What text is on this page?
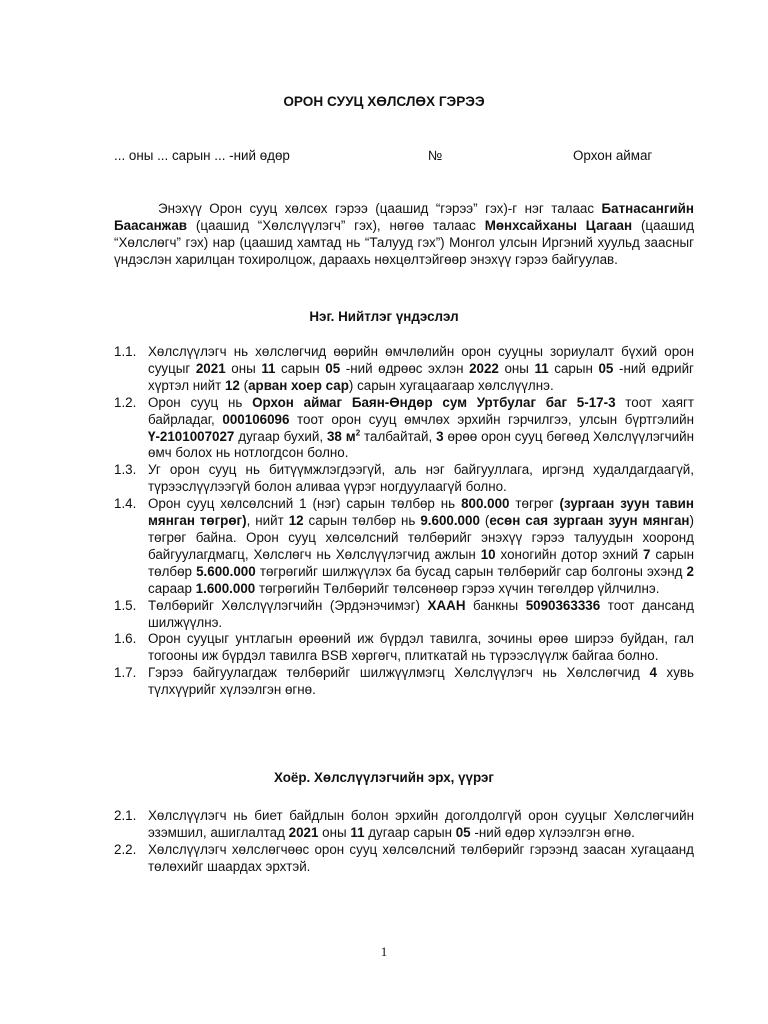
ОРОН СУУЦ ХӨЛСЛӨХ ГЭРЭЭ
... оны ... сарын ... -ний өдөр	№	Орхон аймаг

Энэхүү Орон сууц хөлсөх гэрээ (цаашид “гэрээ” гэх)-г нэг талаас Батнасангийн Баасанжав (цаашид “Хөлслүүлэгч” гэх), нөгөө талаас Мөнхсайханы Цагаан (цаашид “Хөлслөгч” гэх) нар (цаашид хамтад нь “Талууд гэх”) Монгол улсын Иргэний хуульд заасныг үндэслэн харилцан тохиролцож, дараахь нөхцөлтэйгөөр энэхүү гэрээ байгуулав.

Нэг. Нийтлэг үндэслэл
1.1. Хөлслүүлэгч нь хөлслөгчид өөрийн өмчлөлийн орон сууцны зориулалт бүхий орон сууцыг 2021 оны 11 сарын 05 -ний өдрөөс эхлэн 2022 оны 11 сарын 05 -ний өдрийг хүртэл нийт 12 (арван хоер сар) сарын хугацаагаар хөлслүүлнэ.
1.2. Орон сууц нь Орхон аймаг Баян-Өндөр сум Уртбулаг баг 5-17-3 тоот хаягт байрладаг, 000106096 тоот орон сууц өмчлөх эрхийн гэрчилгээ, улсын бүртгэлийн Ү-2101007027 дугаар бухий, 38 $м^2$ талбайтай, 3 өрөө орон сууц бөгөөд Хөлслүүлэгчийн өмч болох нь нотлогдсон болно.
1.3. Уг орон сууц нь битүүмжлэгдээгүй, аль нэг байгууллага, иргэнд худалдагдаагүй, түрээслүүлээгүй болон аливаа үүрэг ногдуулаагүй болно.
1.4. Орон сууц хөлсөлсний 1 (нэг) сарын төлбөр нь 800.000 төгрөг (зургаан зуун тавин мянган төгрөг), нийт 12 сарын төлбөр нь 9.600.000 (есөн сая зургаан зуун мянган) төгрөг байна. Орон сууц хөлсөлсний төлбөрийг энэхүү гэрээ талуудын хооронд байгуулагдмагц, Хөлслөгч нь Хөлслүүлэгчид ажлын 10 хоногийн дотор эхний 7 сарын төлбөр 5.600.000 төгрөгийг шилжүүлэх ба бусад сарын төлбөрийг сар болгоны эхэнд 2 сараар 1.600.000 төгрөгийн Төлбөрийг төлсөнөөр гэрээ хүчин төгөлдөр үйлчилнэ.
1.5. Төлбөрийг Хөлслүүлэгчийн (Эрдэнэчимэг) ХААН банкны 5090363336 тоот дансанд шилжүүлнэ.
1.6. Орон сууцыг унтлагын өрөөний иж бүрдэл тавилга, зочины өрөө ширээ буйдан, гал тогооны иж бүрдэл тавилга BSB хөргөгч, плиткатай нь түрээслүүлж байгаа болно.
1.7. Гэрээ байгуулагдаж төлбөрийг шилжүүлмэгц Хөлслүүлэгч нь Хөлслөгчид 4 хувь түлхүүрийг хүлээлгэн өгнө.
Хоёр. Хөлслүүлэгчийн эрх, үүрэг
2.1. Хөлслүүлэгч нь биет байдлын болон эрхийн доголдолгүй орон сууцыг Хөлслөгчийн эзэмшил, ашиглалтад 2021 оны 11 дугаар сарын 05 -ний өдөр хүлээлгэн өгнө.
2.2. Хөлслүүлэгч хөлслөгчөөс орон сууц хөлсөлсний төлбөрийг гэрээнд заасан хугацаанд төлөхийг шаардах эрхтэй.
1
